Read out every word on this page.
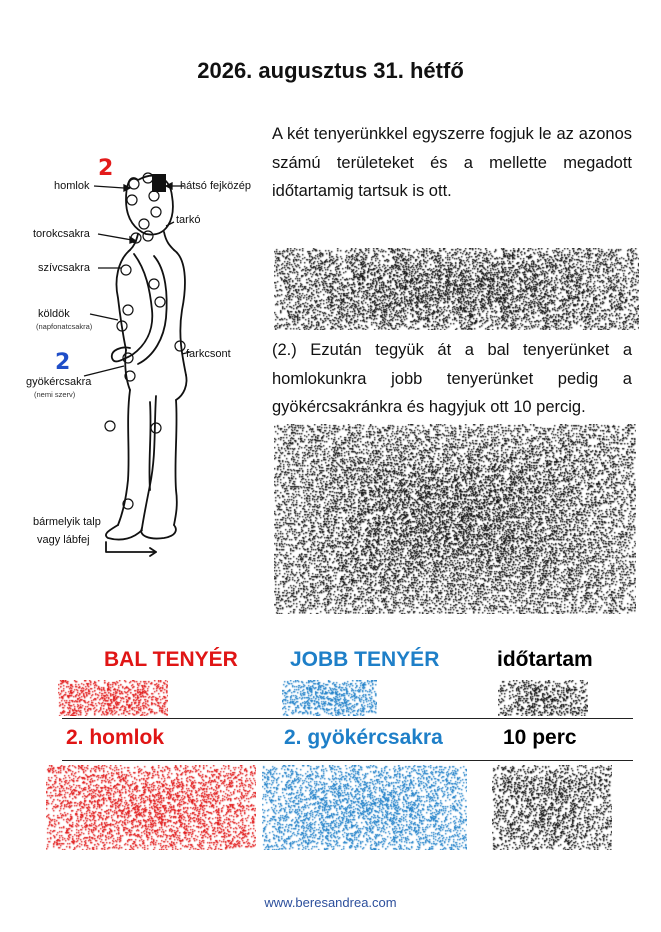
2026. augusztus 31. hétfő
A két tenyerünkkel egyszerre fogjuk le az azonos számú területeket és a mellette megadott időtartamig tartsuk is ott.
(2.) Ezután tegyük át a bal tenyerünket a homlokunkra jobb tenyerünket pedig a gyökércsakránkra és hagyjuk ott 10 percig.
2
homlok	hátsó fejközép
tarkó
torokcsakra
szívcsakra
köldök
(napfonatcsakra)
farkcsont
2
gyökércsakra
(nemi szerv)
bármelyik talp
vagy lábfej
BAL TENYÉR JOBB TENYÉR	időtartam
2. homlok	2. gyökércsakra	10 perc
www.beresandrea.com
